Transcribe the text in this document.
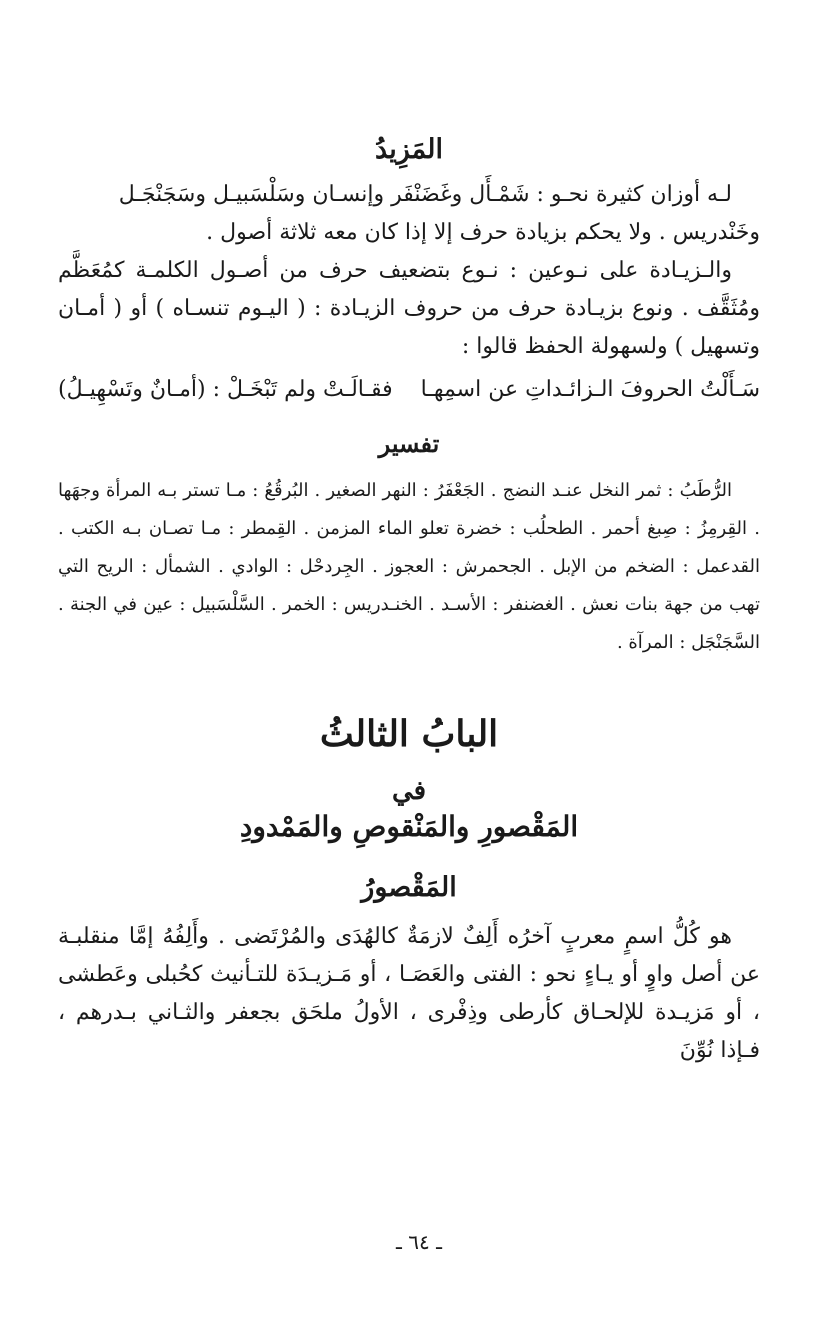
المَزِيدُ

لـه أوزان كثيرة نحـو : شَمْـأَل وغَضَنْفَر وإنسـان وسَلْسَبيـل وسَجَنْجَـل

وخَنْدريس . ولا يحكم بزيادة حرف إلا إذا كان معه ثلاثة أصول .

والـزيـادة على نـوعين : نـوع بتضعيف حرف من أصـول الكلمـة كمُعَظَّم ومُثَقَّف . ونوع بزيـادة حرف من حروف الزيـادة : ( اليـوم تنسـاه ) أو ( أمـان وتسهيل ) ولسهولة الحفظ قالوا :

سَـأَلْتُ الحروفَ الـزائـداتِ عن اسمِهـا
فقـالَـتْ ولم تَبْخَـلْ : (أمـانٌ وتَسْهِيـلُ)
تفسير

الرُّطَبُ : ثمر النخل عنـد النضج . الجَعْفَرُ : النهر الصغير . البُرقُعُ : مـا تستر بـه المرأة وجهَها . القِرمِزُ : صِبغ أحمر . الطحلُب : خضرة تعلو الماء المزمن . القِمطر : مـا تصـان بـه الكتب . القدعمل : الضخم من الإبل . الجحمرش : العجوز . الجِردحْل : الوادي . الشمأل : الريح التي تهب من جهة بنات نعش . الغضنفر : الأسـد . الخنـدريس : الخمر . السَّلْسَبيل : عين في الجنة . السَّجَنْجَل : المرآة .

البابُ الثالثُ
في
المَقْصورِ والمَنْقوصِ والمَمْدودِ
المَقْصورُ

هو كُلُّ اسمٍ معربٍ آخرُه أَلِفٌ لازمَةٌ كالهُدَى والمُرْتَضى . وأَلِفُهُ إمَّا منقلبـة عن أصل واوٍ أو يـاءٍ نحو : الفتى والعَصَـا ، أو مَـزيـدَة للتـأنيث كحُبلى وعَطشى ، أو مَزيـدة للإلحـاق كأرطى وذِفْرى ، الأولُ ملحَق بجعفر والثـاني بـدرهم ، فـإذا نُوِّنَ

ـ ٦٤ ـ
